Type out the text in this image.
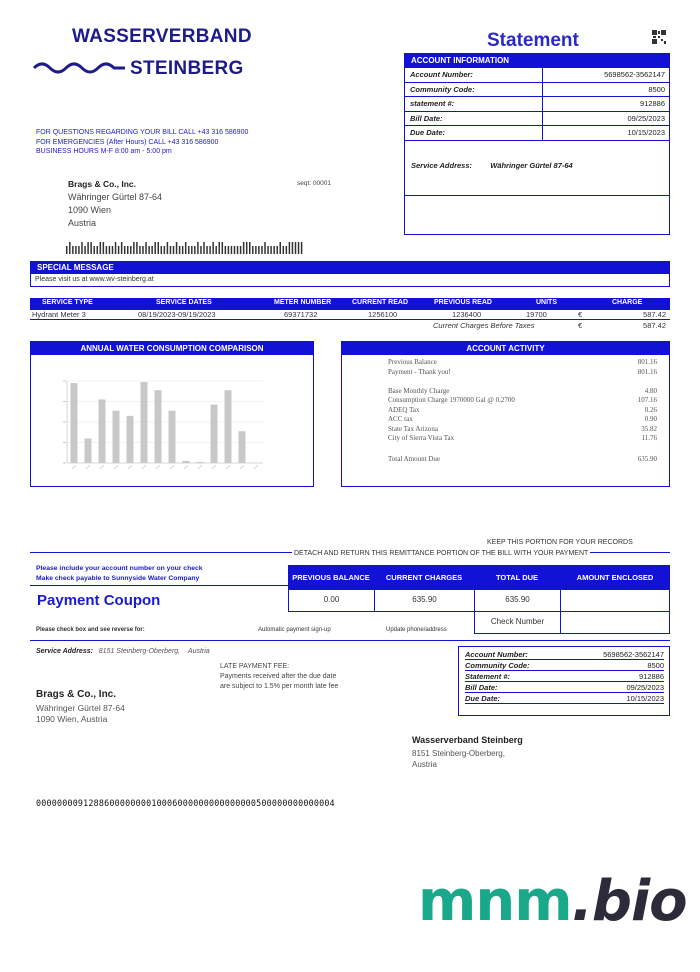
WASSERVERBAND
STEINBERG
Statement
ACCOUNT INFORMATION
Account Number:	5698562-3562147
Community Code:	8500
statement #:	912886
Bill Date:	09/25/2023
Due Date:	10/15/2023
Service Address: Währinger Gürtel 87-64
FOR QUESTIONS REGARDING YOUR BILL CALL +43 316 586900
FOR EMERGENCIES (After Hours) CALL +43 316 586900
BUSINESS HOURS M-F 8:00 am - 5:00 pm
Brags & Co., Inc.
Währinger Gürtel 87-64
1090 Wien
Austria
seqt: 00001
SPECIAL MESSAGE
Please visit us at www.wv-steinberg.at
SERVICE TYPE	SERVICE DATES	METER NUMBER	CURRENT READ	PREVIOUS READ	UNITS	CHARGE
Hydrant Meter 3	08/19/2023-09/19/2023	69371732	1256100	1236400	19700	€	587.42
Current Charges Before Taxes	€	587.42
ANNUAL WATER CONSUMPTION COMPARISON	ACCOUNT ACTIVITY
Previous Balance	801.16
Payment - Thank you!	801.16
Base Monthly Charge	4.80
Consumption Charge 1970000 Gal @ 0.2700	107.16
ADEQ Tax	0.26
ACC tax	0.90
State Tax Arizona	35.82
City of Sierra Vista Tax	11.76
Total Amount Due	635.90
KEEP THIS PORTION FOR YOUR RECORDS
DETACH AND RETURN THIS REMITTANCE PORTION OF THE BILL WITH YOUR PAYMENT
Please include your account number on your check
Make check payable to Sunnyside Water Company
Payment Coupon
PREVIOUS BALANCE	CURRENT CHARGES	TOTAL DUE	AMOUNT ENCLOSED
0.00	635.90	635.90
Check Number
Please check box and see reverse for:	Automatic payment sign-up	Update phone/address
Service Address: 8151 Steinberg-Oberberg, Austria
LATE PAYMENT FEE:
Payments received after the due date
are subject to 1.5% per month late fee
Brags & Co., Inc.
Währinger Gürtel 87-64
1090 Wien, Austria
Account Number:	5698562-3562147
Community Code:	8500
Statement #:	912886
Bill Date:	09/25/2023
Due Date:	10/15/2023
Wasserverband Steinberg
8151 Steinberg-Oberberg,
Austria
000000009128860000000010006000000000000000500000000000004
mnm.bio
